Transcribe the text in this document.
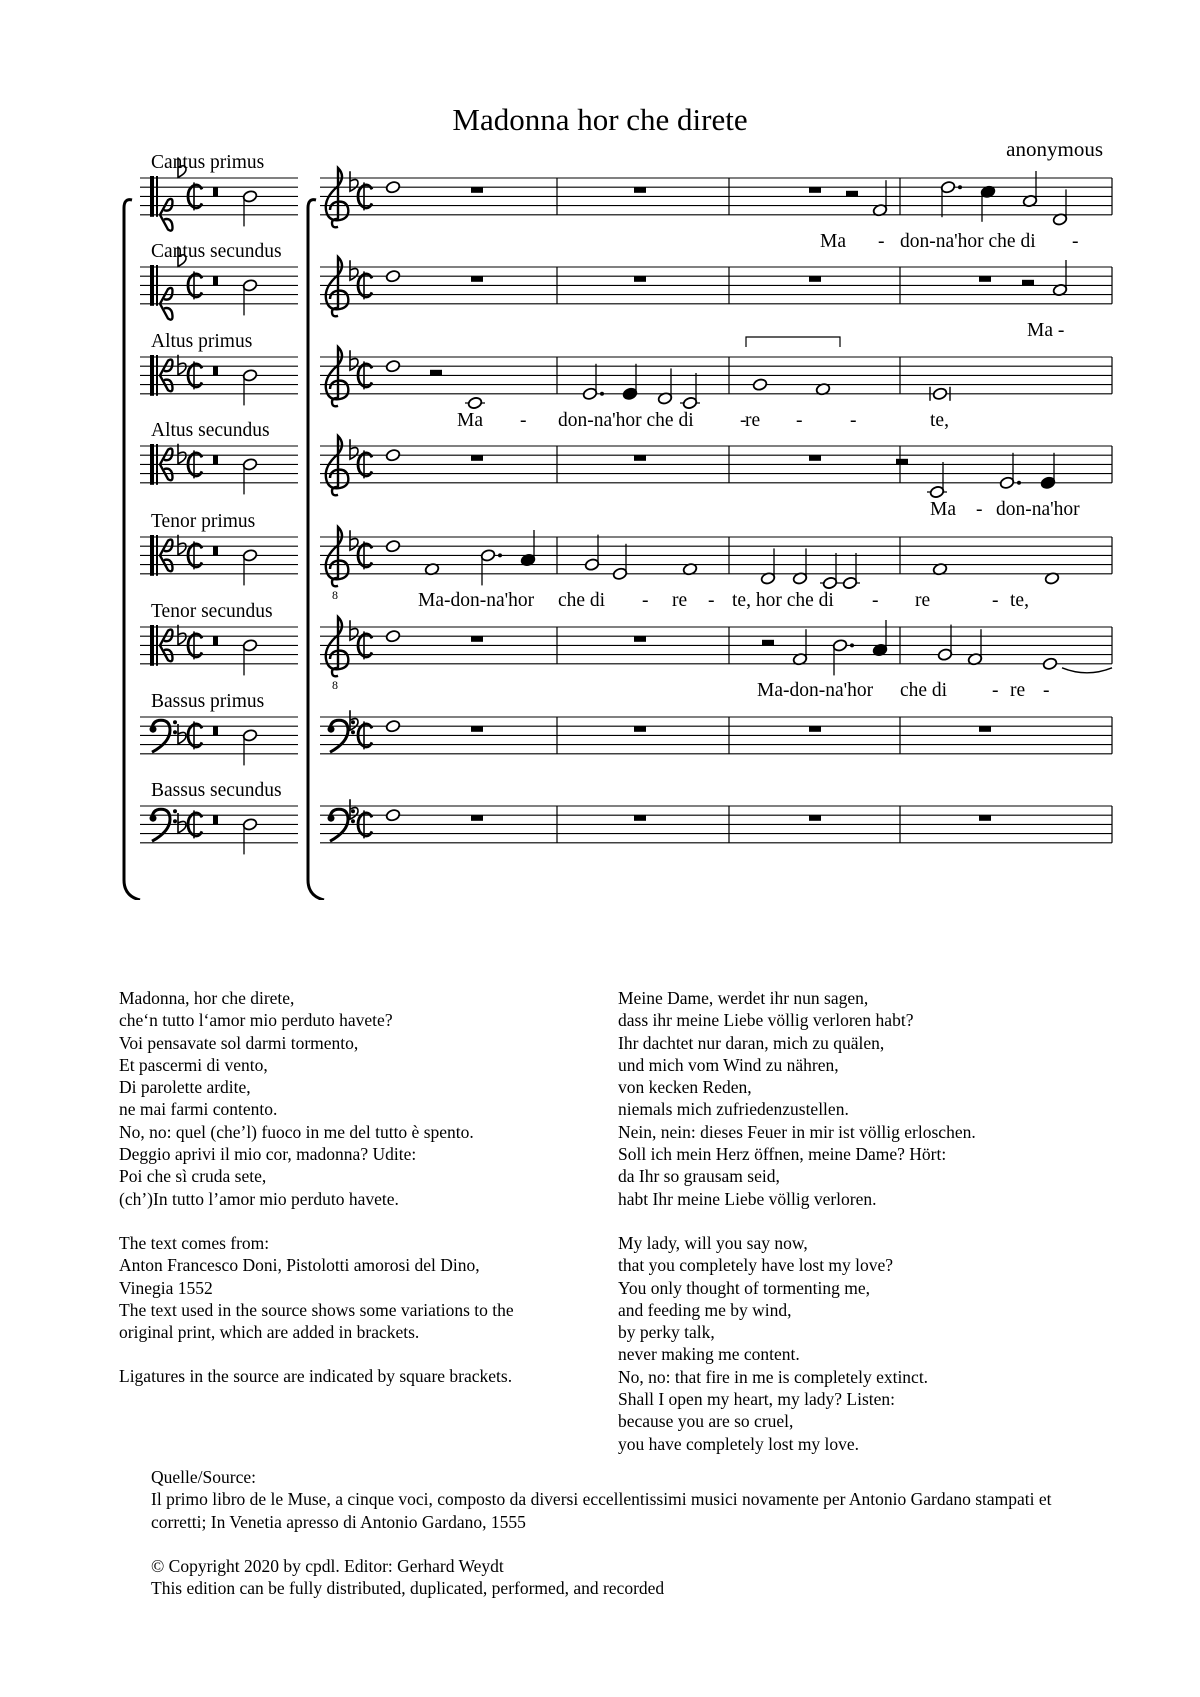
Madonna hor che direte
anonymous
Cantus primus
Cantus secundus
Altus primus
Altus secundus
Tenor primus
Tenor secundus
Bassus primus
Bassus secundus
8
8
Ma - don-na'hor che di -
Ma -
Ma - don-na'hor che di -
re - -	te,
Ma - don-na'hor
Ma-don-na'hor che di - re - te, hor che di - re	- te,
Ma-don-na'hor che di - re -
Madonna, hor che direte,
che‘n tutto l‘amor mio perduto havete?
Voi pensavate sol darmi tormento,
Et pascermi di vento,
Di parolette ardite,
ne mai farmi contento.
No, no: quel (che’l) fuoco in me del tutto è spento.
Deggio aprivi il mio cor, madonna? Udite:
Poi che sì cruda sete,
(ch’)In tutto l’amor mio perduto havete.
The text comes from:
Anton Francesco Doni, Pistolotti amorosi del Dino,
Vinegia 1552
The text used in the source shows some variations to the
original print, which are added in brackets.
Ligatures in the source are indicated by square brackets.
Meine Dame, werdet ihr nun sagen,
dass ihr meine Liebe völlig verloren habt?
Ihr dachtet nur daran, mich zu quälen,
und mich vom Wind zu nähren,
von kecken Reden,
niemals mich zufriedenzustellen.
Nein, nein: dieses Feuer in mir ist völlig erloschen.
Soll ich mein Herz öffnen, meine Dame? Hört:
da Ihr so grausam seid,
habt Ihr meine Liebe völlig verloren.
My lady, will you say now,
that you completely have lost my love?
You only thought of tormenting me,
and feeding me by wind,
by perky talk,
never making me content.
No, no: that fire in me is completely extinct.
Shall I open my heart, my lady? Listen:
because you are so cruel,
you have completely lost my love.
Quelle/Source:
Il primo libro de le Muse, a cinque voci, composto da diversi eccellentissimi musici novamente per Antonio Gardano stampati et corretti; In Venetia apresso di Antonio Gardano, 1555
© Copyright 2020 by cpdl. Editor: Gerhard Weydt
This edition can be fully distributed, duplicated, performed, and recorded
